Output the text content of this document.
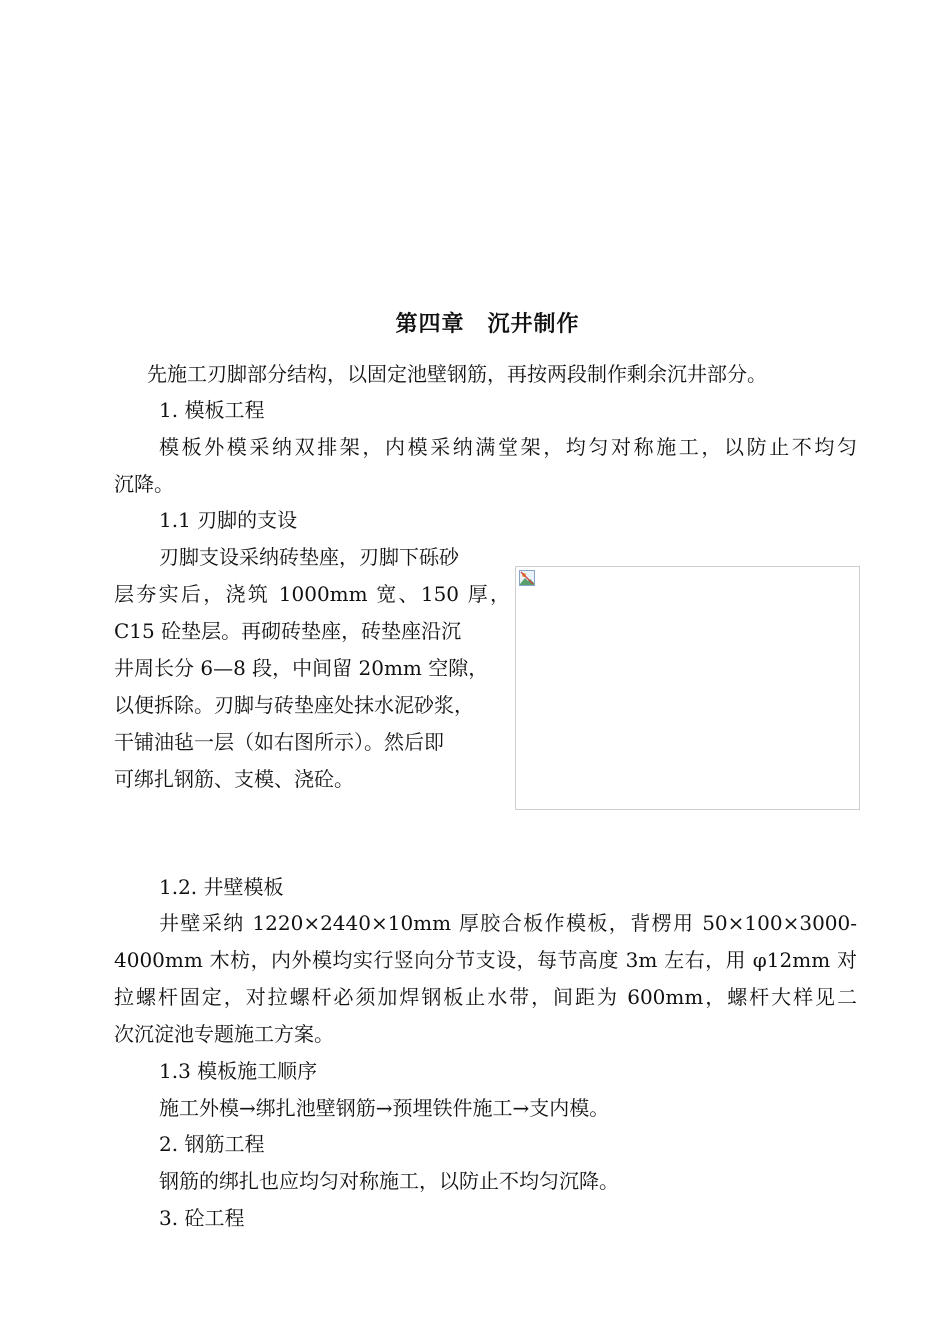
第四章　沉井制作
先施工刃脚部分结构，以固定池壁钢筋，再按两段制作剩余沉井部分。
1. 模板工程
模板外模采纳双排架，内模采纳满堂架，均匀对称施工，以防止不均匀
沉降。
1.1 刃脚的支设
刃脚支设采纳砖垫座，刃脚下砾砂
层夯实后，浇筑 1000mm 宽、150 厚，
C15 砼垫层。再砌砖垫座，砖垫座沿沉
井周长分 6—8 段，中间留 20mm 空隙，
以便拆除。刃脚与砖垫座处抹水泥砂浆，
干铺油毡一层（如右图所示）。然后即
可绑扎钢筋、支模、浇砼。
1.2. 井壁模板
井壁采纳 1220×2440×10mm 厚胶合板作模板，背楞用 50×100×3000-
4000mm 木枋，内外模均实行竖向分节支设，每节高度 3m 左右，用 φ12mm 对
拉螺杆固定，对拉螺杆必须加焊钢板止水带，间距为 600mm，螺杆大样见二
次沉淀池专题施工方案。
1.3 模板施工顺序
施工外模→绑扎池壁钢筋→预埋铁件施工→支内模。
2. 钢筋工程
钢筋的绑扎也应均匀对称施工，以防止不均匀沉降。
3. 砼工程
